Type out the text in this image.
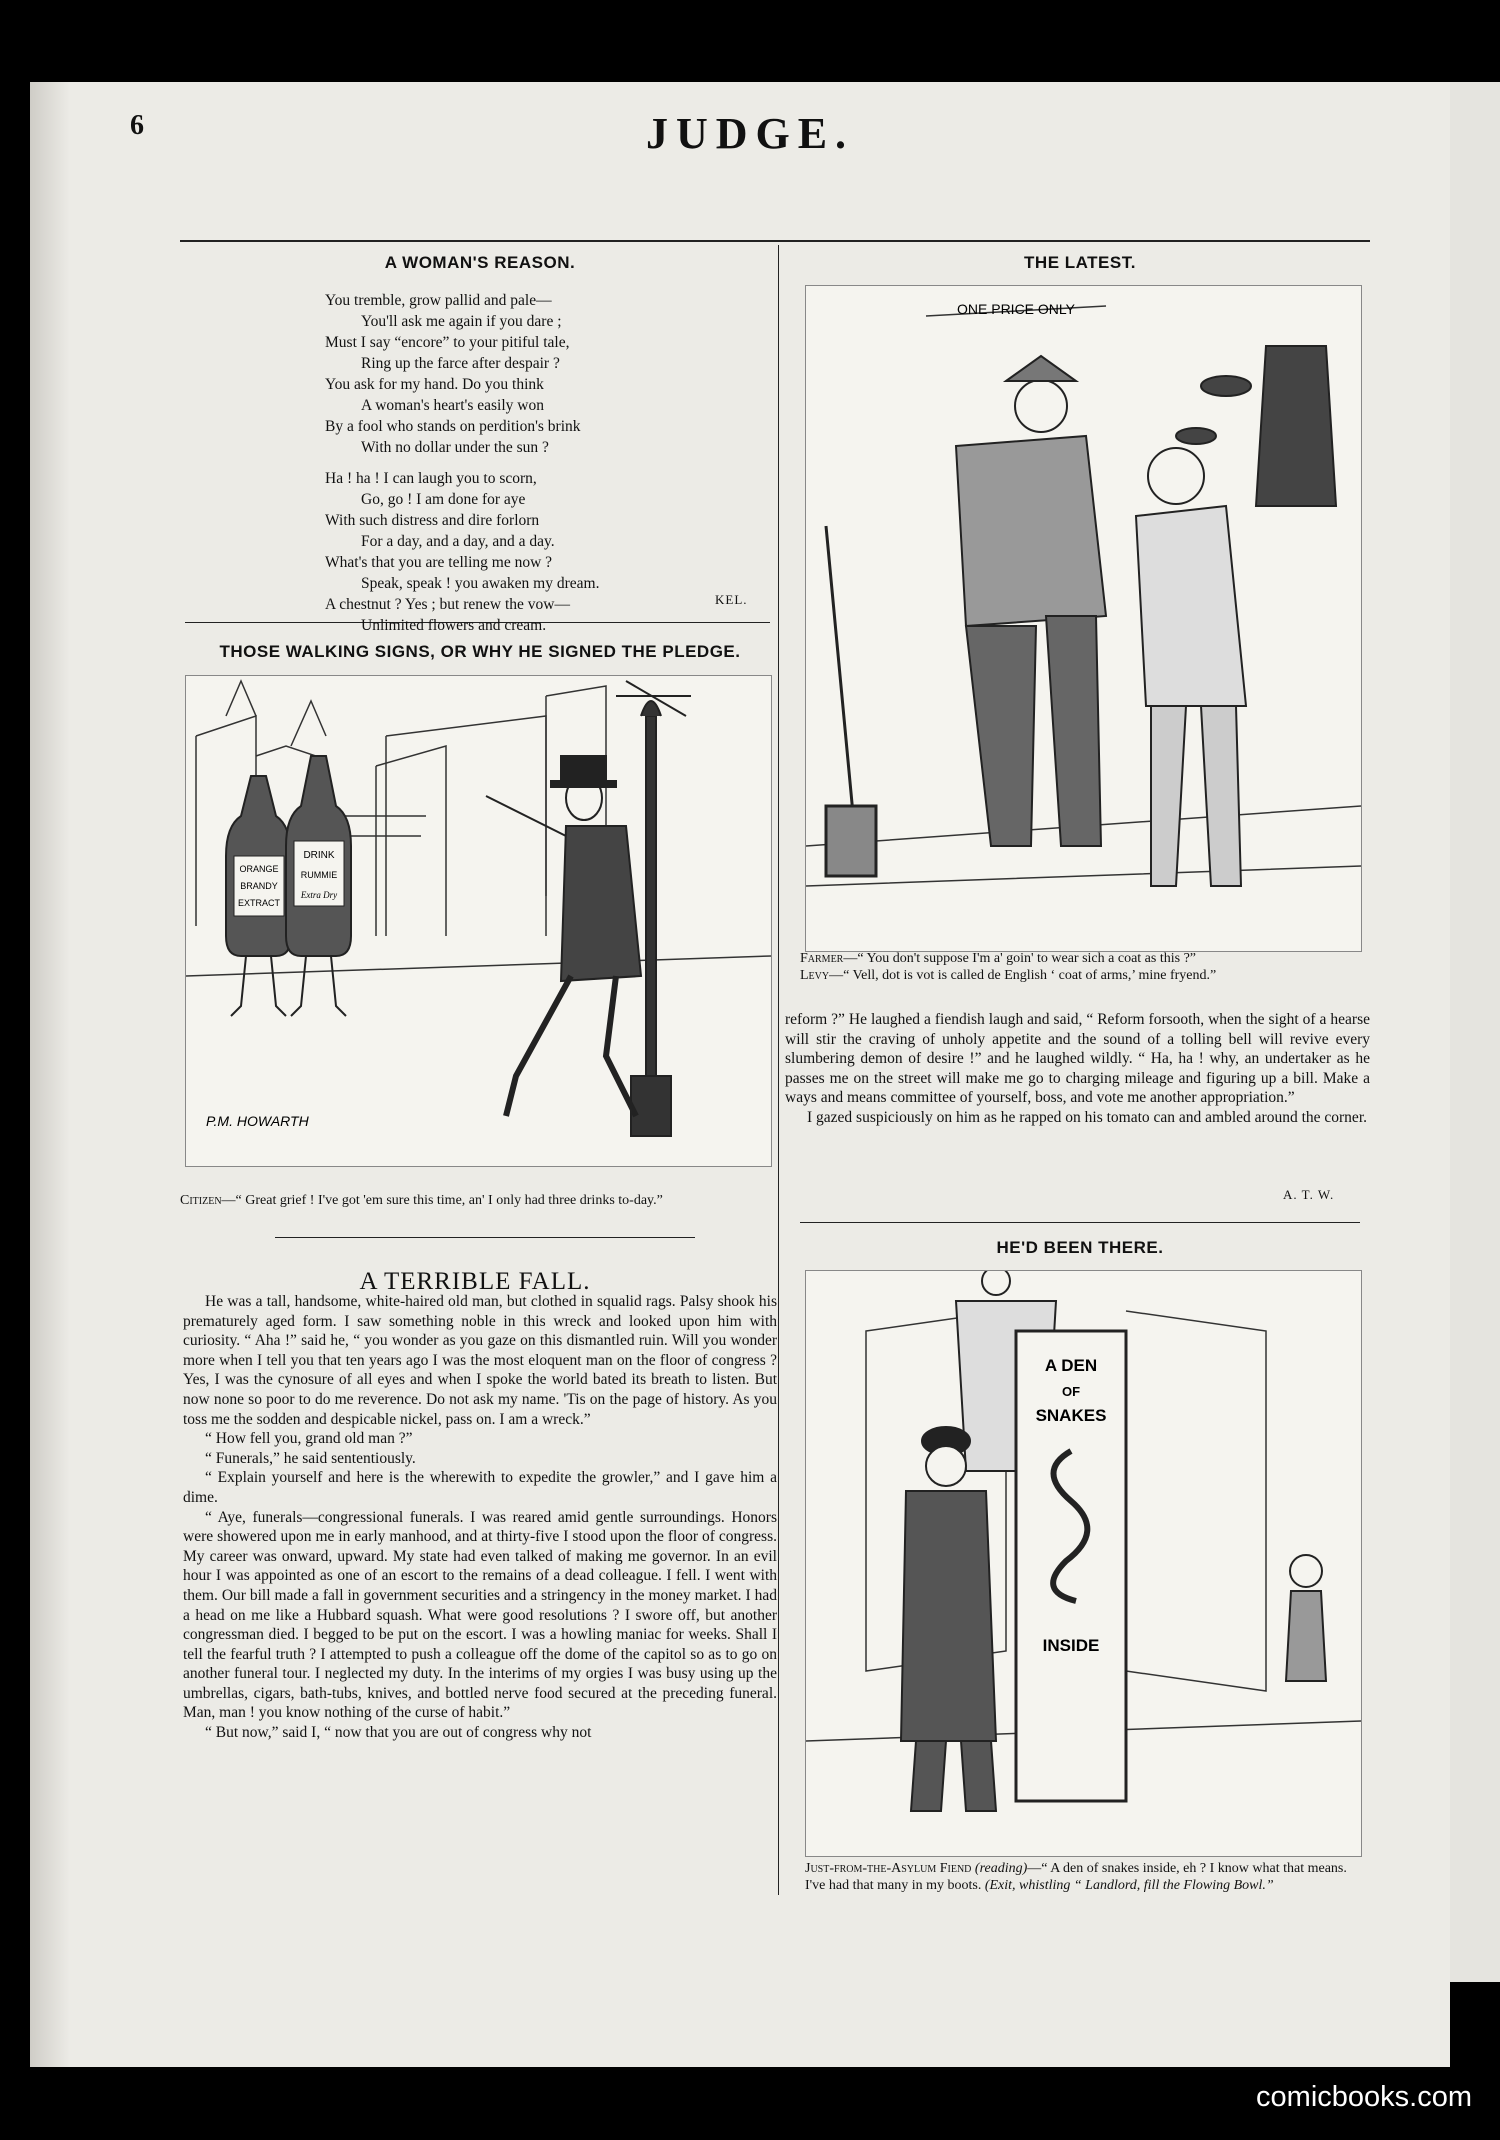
6	JUDGE.
A WOMAN'S REASON.

You tremble, grow pallid and pale—

You'll ask me again if you dare ;

Must I say “encore” to your pitiful tale,

Ring up the farce after despair ?

You ask for my hand. Do you think

A woman's heart's easily won

By a fool who stands on perdition's brink

With no dollar under the sun ?

Ha ! ha ! I can laugh you to scorn,

Go, go ! I am done for aye

With such distress and dire forlorn

For a day, and a day, and a day.

What's that you are telling me now ?

Speak, speak ! you awaken my dream.

A chestnut ? Yes ; but renew the vow—

Unlimited flowers and cream.

KEL.
THOSE WALKING SIGNS, OR WHY HE SIGNED THE PLEDGE.
ORANGE
BRANDY
EXTRACT
DRINK
RUMMIE
Extra Dry
P.M. HOWARTH

Citizen—“ Great grief ! I've got 'em sure this time, an' I only had three drinks to-day.”

A TERRIBLE FALL.

He was a tall, handsome, white-haired old man, but clothed in squalid rags. Palsy shook his prematurely aged form. I saw something noble in this wreck and looked upon him with curiosity. “ Aha !” said he, “ you wonder as you gaze on this dismantled ruin. Will you wonder more when I tell you that ten years ago I was the most eloquent man on the floor of congress ? Yes, I was the cynosure of all eyes and when I spoke the world bated its breath to listen. But now none so poor to do me reverence. Do not ask my name. 'Tis on the page of history. As you toss me the sodden and despicable nickel, pass on. I am a wreck.”

“ How fell you, grand old man ?”

“ Funerals,” he said sententiously.

“ Explain yourself and here is the wherewith to expedite the growler,” and I gave him a dime.

“ Aye, funerals—congressional funerals. I was reared amid gentle surroundings. Honors were showered upon me in early manhood, and at thirty-five I stood upon the floor of congress. My career was onward, upward. My state had even talked of making me governor. In an evil hour I was appointed as one of an escort to the remains of a dead colleague. I fell. I went with them. Our bill made a fall in government securities and a stringency in the money market. I had a head on me like a Hubbard squash. What were good resolutions ? I swore off, but another congressman died. I begged to be put on the escort. I was a howling maniac for weeks. Shall I tell the fearful truth ? I attempted to push a colleague off the dome of the capitol so as to go on another funeral tour. I neglected my duty. In the interims of my orgies I was busy using up the umbrellas, cigars, bath-tubs, knives, and bottled nerve food secured at the preceding funeral. Man, man ! you know nothing of the curse of habit.”

“ But now,” said I, “ now that you are out of congress why not

THE LATEST.
ONE PRICE ONLY
Farmer—“ You don't suppose I'm a' goin' to wear sich a coat as this ?”
Levy—“ Vell, dot is vot is called de English ‘ coat of arms,’ mine fryend.”

reform ?” He laughed a fiendish laugh and said, “ Reform forsooth, when the sight of a hearse will stir the craving of unholy appetite and the sound of a tolling bell will revive every slumbering demon of desire !” and he laughed wildly. “ Ha, ha ! why, an undertaker as he passes me on the street will make me go to charging mileage and figuring up a bill. Make a ways and means committee of yourself, boss, and vote me another appropriation.”

I gazed suspiciously on him as he rapped on his tomato can and ambled around the corner.

A. T. W.
HE'D BEEN THERE.
A DEN
OF
SNAKES
INSIDE
Just-from-the-Asylum Fiend (reading)—“ A den of snakes inside, eh ? I know what that means. I've had that many in my boots. (Exit, whistling “ Landlord, fill the Flowing Bowl.”
comicbooks.com
